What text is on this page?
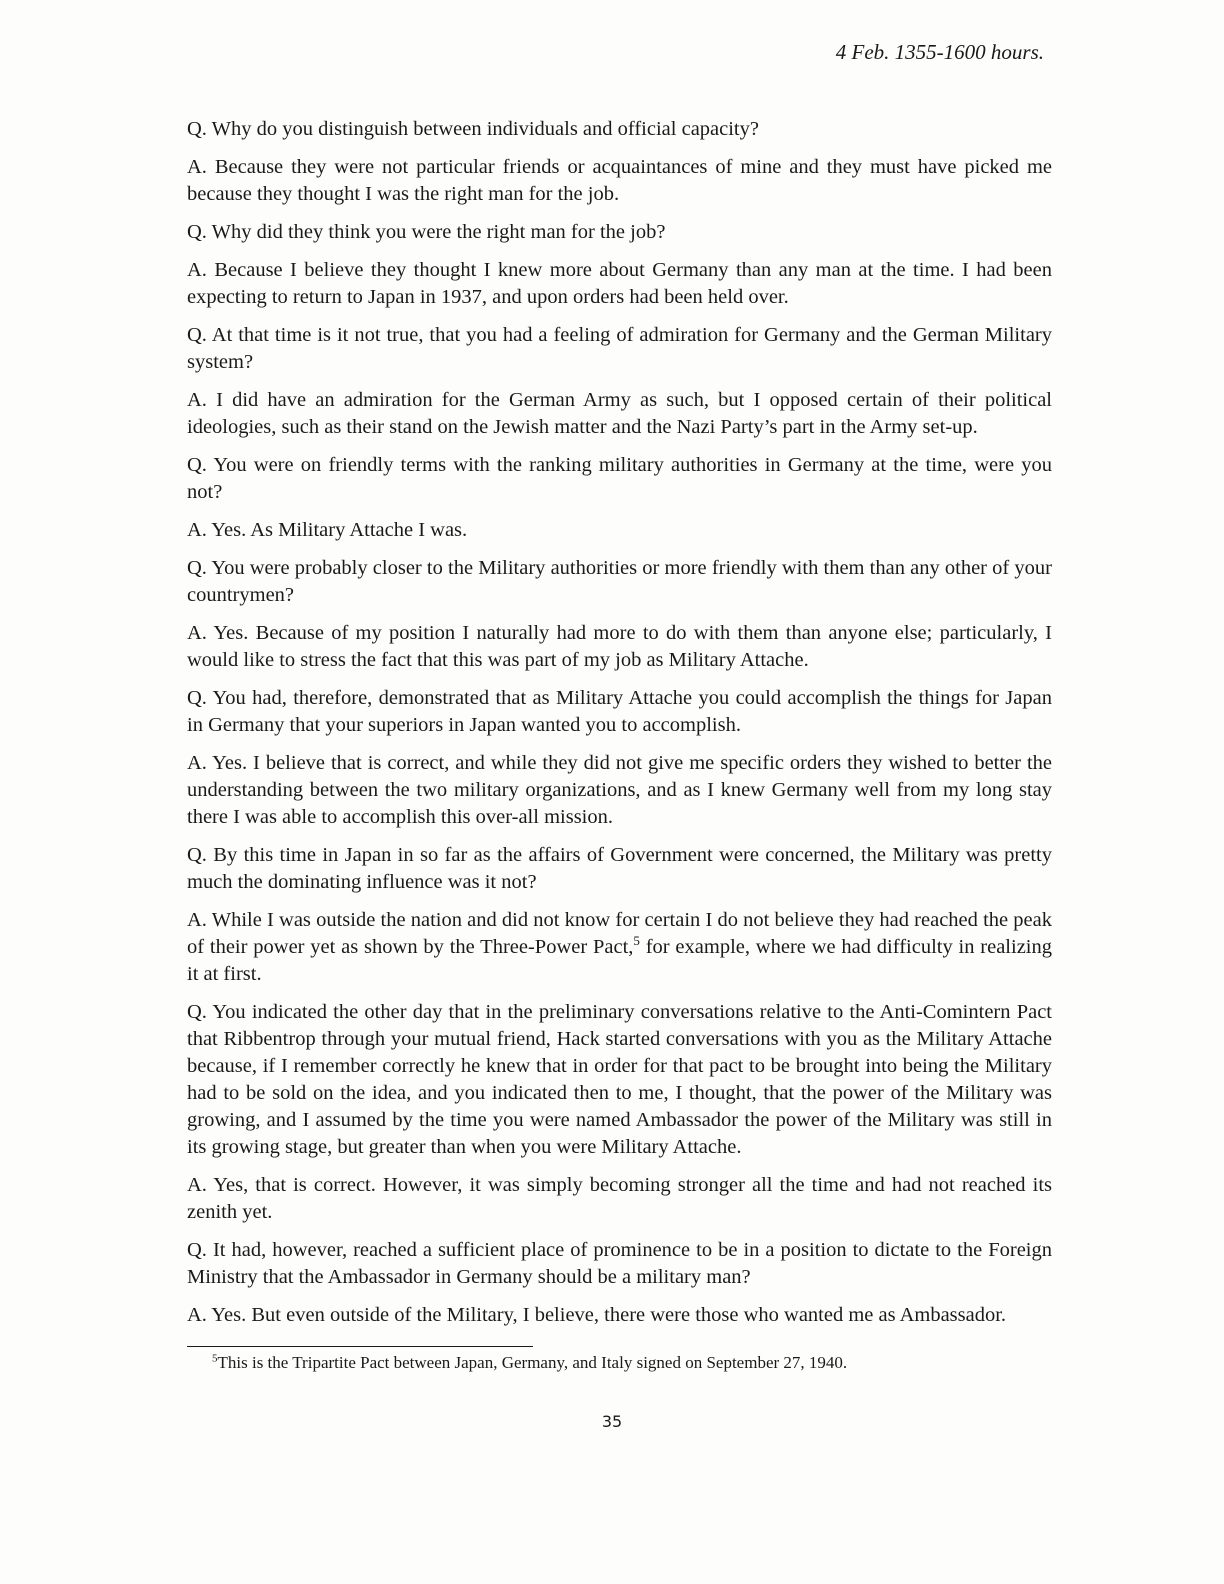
4 Feb. 1355-1600 hours.

Q. Why do you distinguish between individuals and official capacity?

A. Because they were not particular friends or acquaintances of mine and they must have picked me because they thought I was the right man for the job.

Q. Why did they think you were the right man for the job?

A. Because I believe they thought I knew more about Germany than any man at the time. I had been expecting to return to Japan in 1937, and upon orders had been held over.

Q. At that time is it not true, that you had a feeling of admiration for Germany and the German Military system?

A. I did have an admiration for the German Army as such, but I opposed certain of their political ideologies, such as their stand on the Jewish matter and the Nazi Party’s part in the Army set-up.

Q. You were on friendly terms with the ranking military authorities in Germany at the time, were you not?

A. Yes. As Military Attache I was.

Q. You were probably closer to the Military authorities or more friendly with them than any other of your countrymen?

A. Yes. Because of my position I naturally had more to do with them than anyone else; particularly, I would like to stress the fact that this was part of my job as Military Attache.

Q. You had, therefore, demonstrated that as Military Attache you could accomplish the things for Japan in Germany that your superiors in Japan wanted you to accomplish.

A. Yes. I believe that is correct, and while they did not give me specific orders they wished to better the understanding between the two military organizations, and as I knew Germany well from my long stay there I was able to accomplish this over-all mission.

Q. By this time in Japan in so far as the affairs of Government were concerned, the Military was pretty much the dominating influence was it not?

A. While I was outside the nation and did not know for certain I do not believe they had reached the peak of their power yet as shown by the Three-Power Pact,$^5$ for example, where we had difficulty in realizing it at first.

Q. You indicated the other day that in the preliminary conversations relative to the Anti-Comintern Pact that Ribbentrop through your mutual friend, Hack started conversations with you as the Military Attache because, if I remember correctly he knew that in order for that pact to be brought into being the Military had to be sold on the idea, and you indicated then to me, I thought, that the power of the Military was growing, and I assumed by the time you were named Ambassador the power of the Military was still in its growing stage, but greater than when you were Military Attache.

A. Yes, that is correct. However, it was simply becoming stronger all the time and had not reached its zenith yet.

Q. It had, however, reached a sufficient place of prominence to be in a position to dictate to the Foreign Ministry that the Ambassador in Germany should be a military man?

A. Yes. But even outside of the Military, I believe, there were those who wanted me as Ambassador.

$^5$This is the Tripartite Pact between Japan, Germany, and Italy signed on September 27, 1940.

35
